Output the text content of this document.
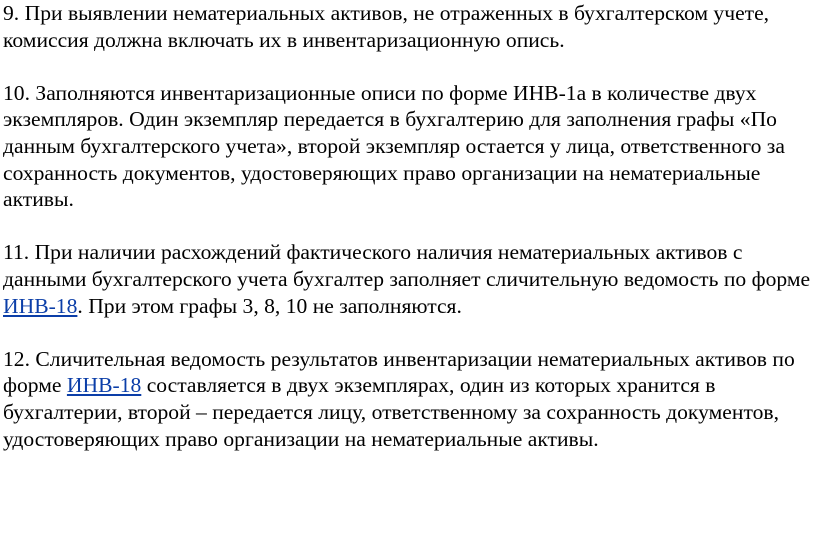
9. При выявлении нематериальных активов, не отраженных в бухгалтерском учете, комиссия должна включать их в инвентаризационную опись.

10. Заполняются инвентаризационные описи по форме ИНВ-1а в количестве двух экземпляров. Один экземпляр передается в бухгалтерию для заполнения графы «По данным бухгалтерского учета», второй экземпляр остается у лица, ответственного за сохранность документов, удостоверяющих право организации на нематериальные активы.

11. При наличии расхождений фактического наличия нематериальных активов с данными бухгалтерского учета бухгалтер заполняет сличительную ведомость по форме ИНВ-18. При этом графы 3, 8, 10 не заполняются.

12. Сличительная ведомость результатов инвентаризации нематериальных активов по форме ИНВ-18 составляется в двух экземплярах, один из которых хранится в бухгалтерии, второй – передается лицу, ответственному за сохранность документов, удостоверяющих право организации на нематериальные активы.
